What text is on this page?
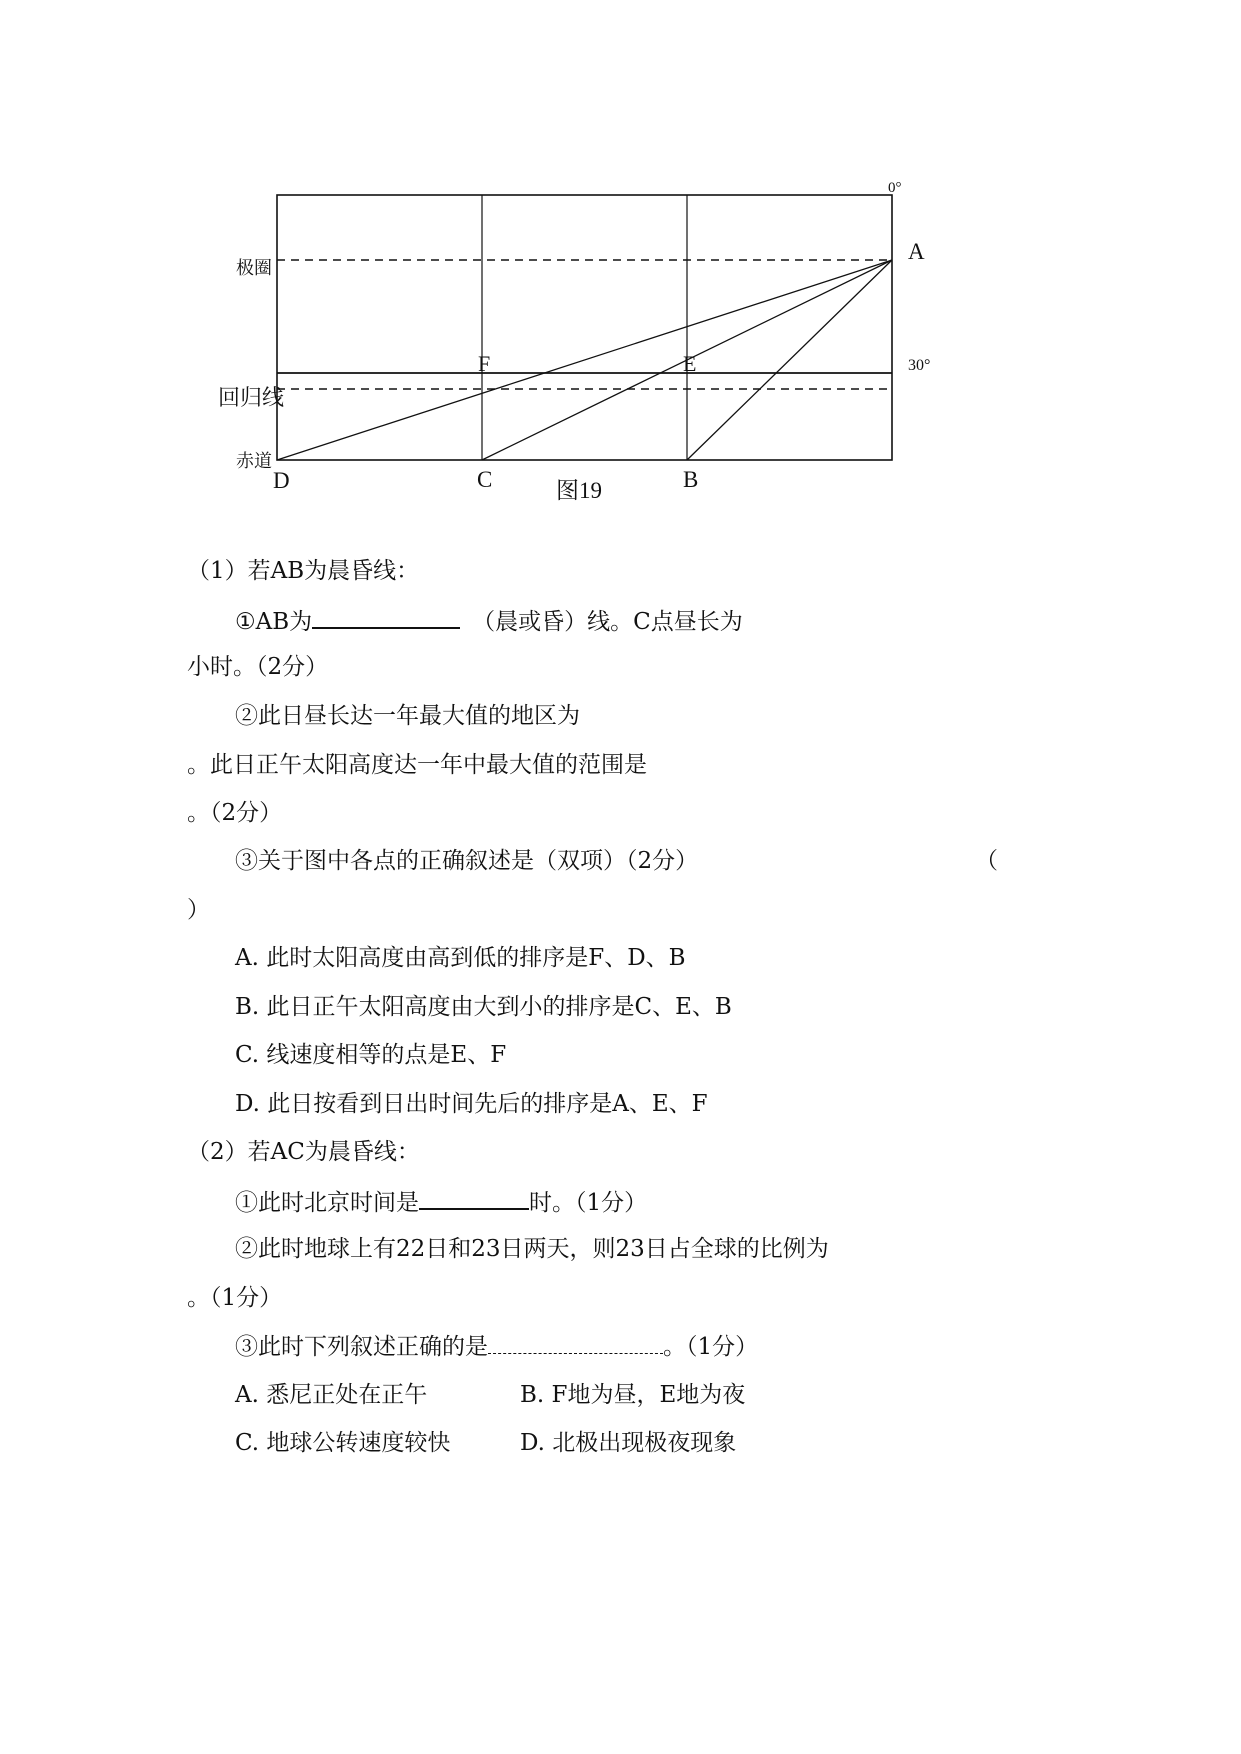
0°
30°
极圈
回归线
赤道
A
D	C	B
F	E
图19
（1）若AB为晨昏线：
①AB为	（晨或昏）线。C点昼长为
小时。（2分）
②此日昼长达一年最大值的地区为
。此日正午太阳高度达一年中最大值的范围是
。（2分）
③关于图中各点的正确叙述是（双项）（2分）	（
）
A. 此时太阳高度由高到低的排序是F、D、B
B. 此日正午太阳高度由大到小的排序是C、E、B
C. 线速度相等的点是E、F
D. 此日按看到日出时间先后的排序是A、E、F
（2）若AC为晨昏线：
①此时北京时间是	时。（1分）
②此时地球上有22日和23日两天，则23日占全球的比例为
。（1分）
③此时下列叙述正确的是	。（1分）
A. 悉尼正处在正午	B. F地为昼，E地为夜
C. 地球公转速度较快	D. 北极出现极夜现象
